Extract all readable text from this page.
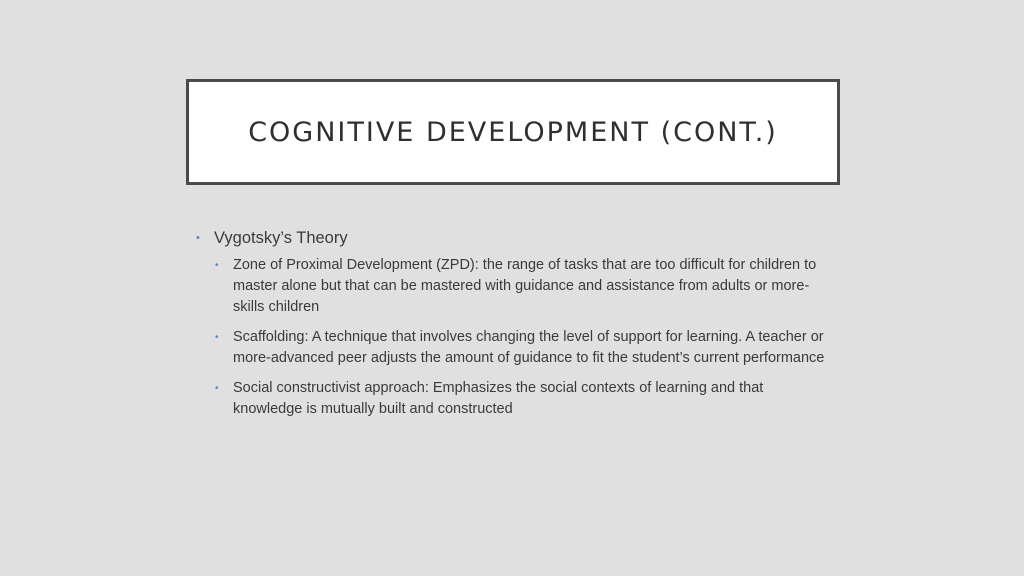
COGNITIVE DEVELOPMENT (CONT.)
• Vygotsky’s Theory
• Zone of Proximal Development (ZPD): the range of tasks that are too difficult for children to master alone but that can be mastered with guidance and assistance from adults or more-skills children
• Scaffolding: A technique that involves changing the level of support for learning. A teacher or more-advanced peer adjusts the amount of guidance to fit the student’s current performance
• Social constructivist approach: Emphasizes the social contexts of learning and that knowledge is mutually built and constructed
